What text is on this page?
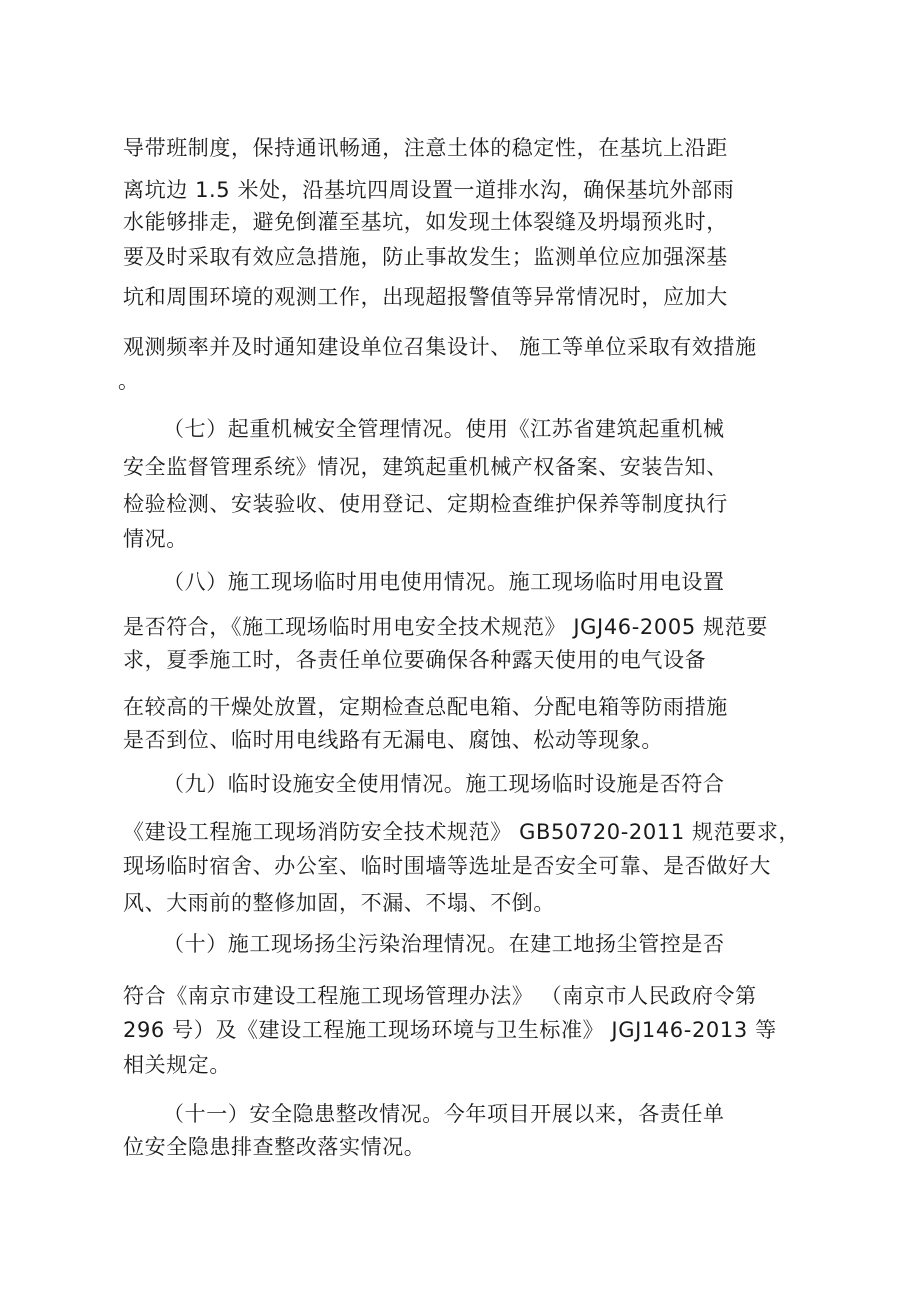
导带班制度，保持通讯畅通，注意土体的稳定性，在基坑上沿距
离坑边 1.5 米处，沿基坑四周设置一道排水沟，确保基坑外部雨
水能够排走，避免倒灌至基坑，如发现土体裂缝及坍塌预兆时，
要及时采取有效应急措施，防止事故发生；监测单位应加强深基
坑和周围环境的观测工作，出现超报警值等异常情况时，应加大
观测频率并及时通知建设单位召集设计、 施工等单位采取有效措施
。
（七）起重机械安全管理情况。使用《江苏省建筑起重机械
安全监督管理系统》情况，建筑起重机械产权备案、安装告知、
检验检测、安装验收、使用登记、定期检查维护保养等制度执行
情况。
（八）施工现场临时用电使用情况。施工现场临时用电设置
是否符合，《施工现场临时用电安全技术规范》 JGJ46-2005 规范要
求，夏季施工时，各责任单位要确保各种露天使用的电气设备
在较高的干燥处放置，定期检查总配电箱、分配电箱等防雨措施
是否到位、临时用电线路有无漏电、腐蚀、松动等现象。
（九）临时设施安全使用情况。施工现场临时设施是否符合
《建设工程施工现场消防安全技术规范》 GB50720-2011 规范要求，
现场临时宿舍、办公室、临时围墙等选址是否安全可靠、是否做好大
风、大雨前的整修加固，不漏、不塌、不倒。
（十）施工现场扬尘污染治理情况。在建工地扬尘管控是否
符合《南京市建设工程施工现场管理办法》 （南京市人民政府令第
296 号）及《建设工程施工现场环境与卫生标准》 JGJ146-2013 等
相关规定。
（十一）安全隐患整改情况。今年项目开展以来，各责任单
位安全隐患排查整改落实情况。
